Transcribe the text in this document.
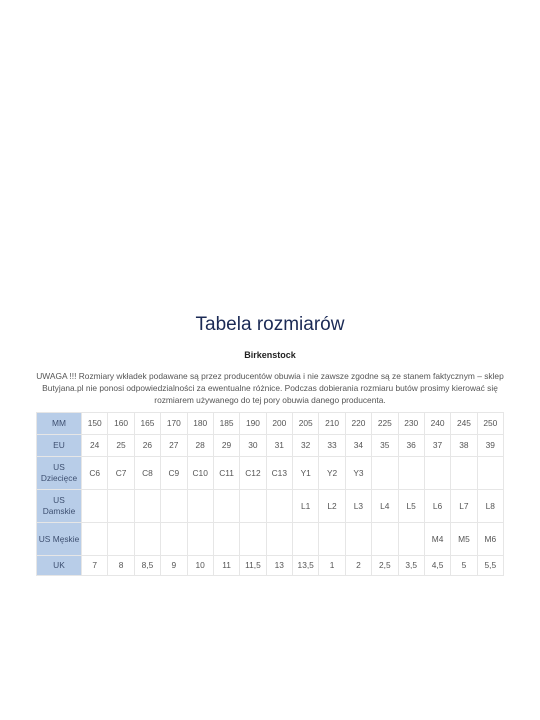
Tabela rozmiarów
Birkenstock
UWAGA !!! Rozmiary wkładek podawane są przez producentów obuwia i nie zawsze zgodne są ze stanem faktycznym – sklep
Butyjana.pl nie ponosi odpowiedzialności za ewentualne różnice. Podczas dobierania rozmiaru butów prosimy kierować się
rozmiarem używanego do tej pory obuwia danego producenta.
MM	150	160	165	170	180	185	190	200	205	210	220	225	230	240	245	250
EU	24	25	26	27	28	29	30	31	32	33	34	35	36	37	38	39
US Dziecięce	C6	C7	C8	C9	C10	C11	C12	C13	Y1	Y2	Y3					
US Damskie									L1	L2	L3	L4	L5	L6	L7	L8
US Męskie														M4	M5	M6
UK	7	8	8,5	9	10	11	11,5	13	13,5	1	2	2,5	3,5	4,5	5	5,5
